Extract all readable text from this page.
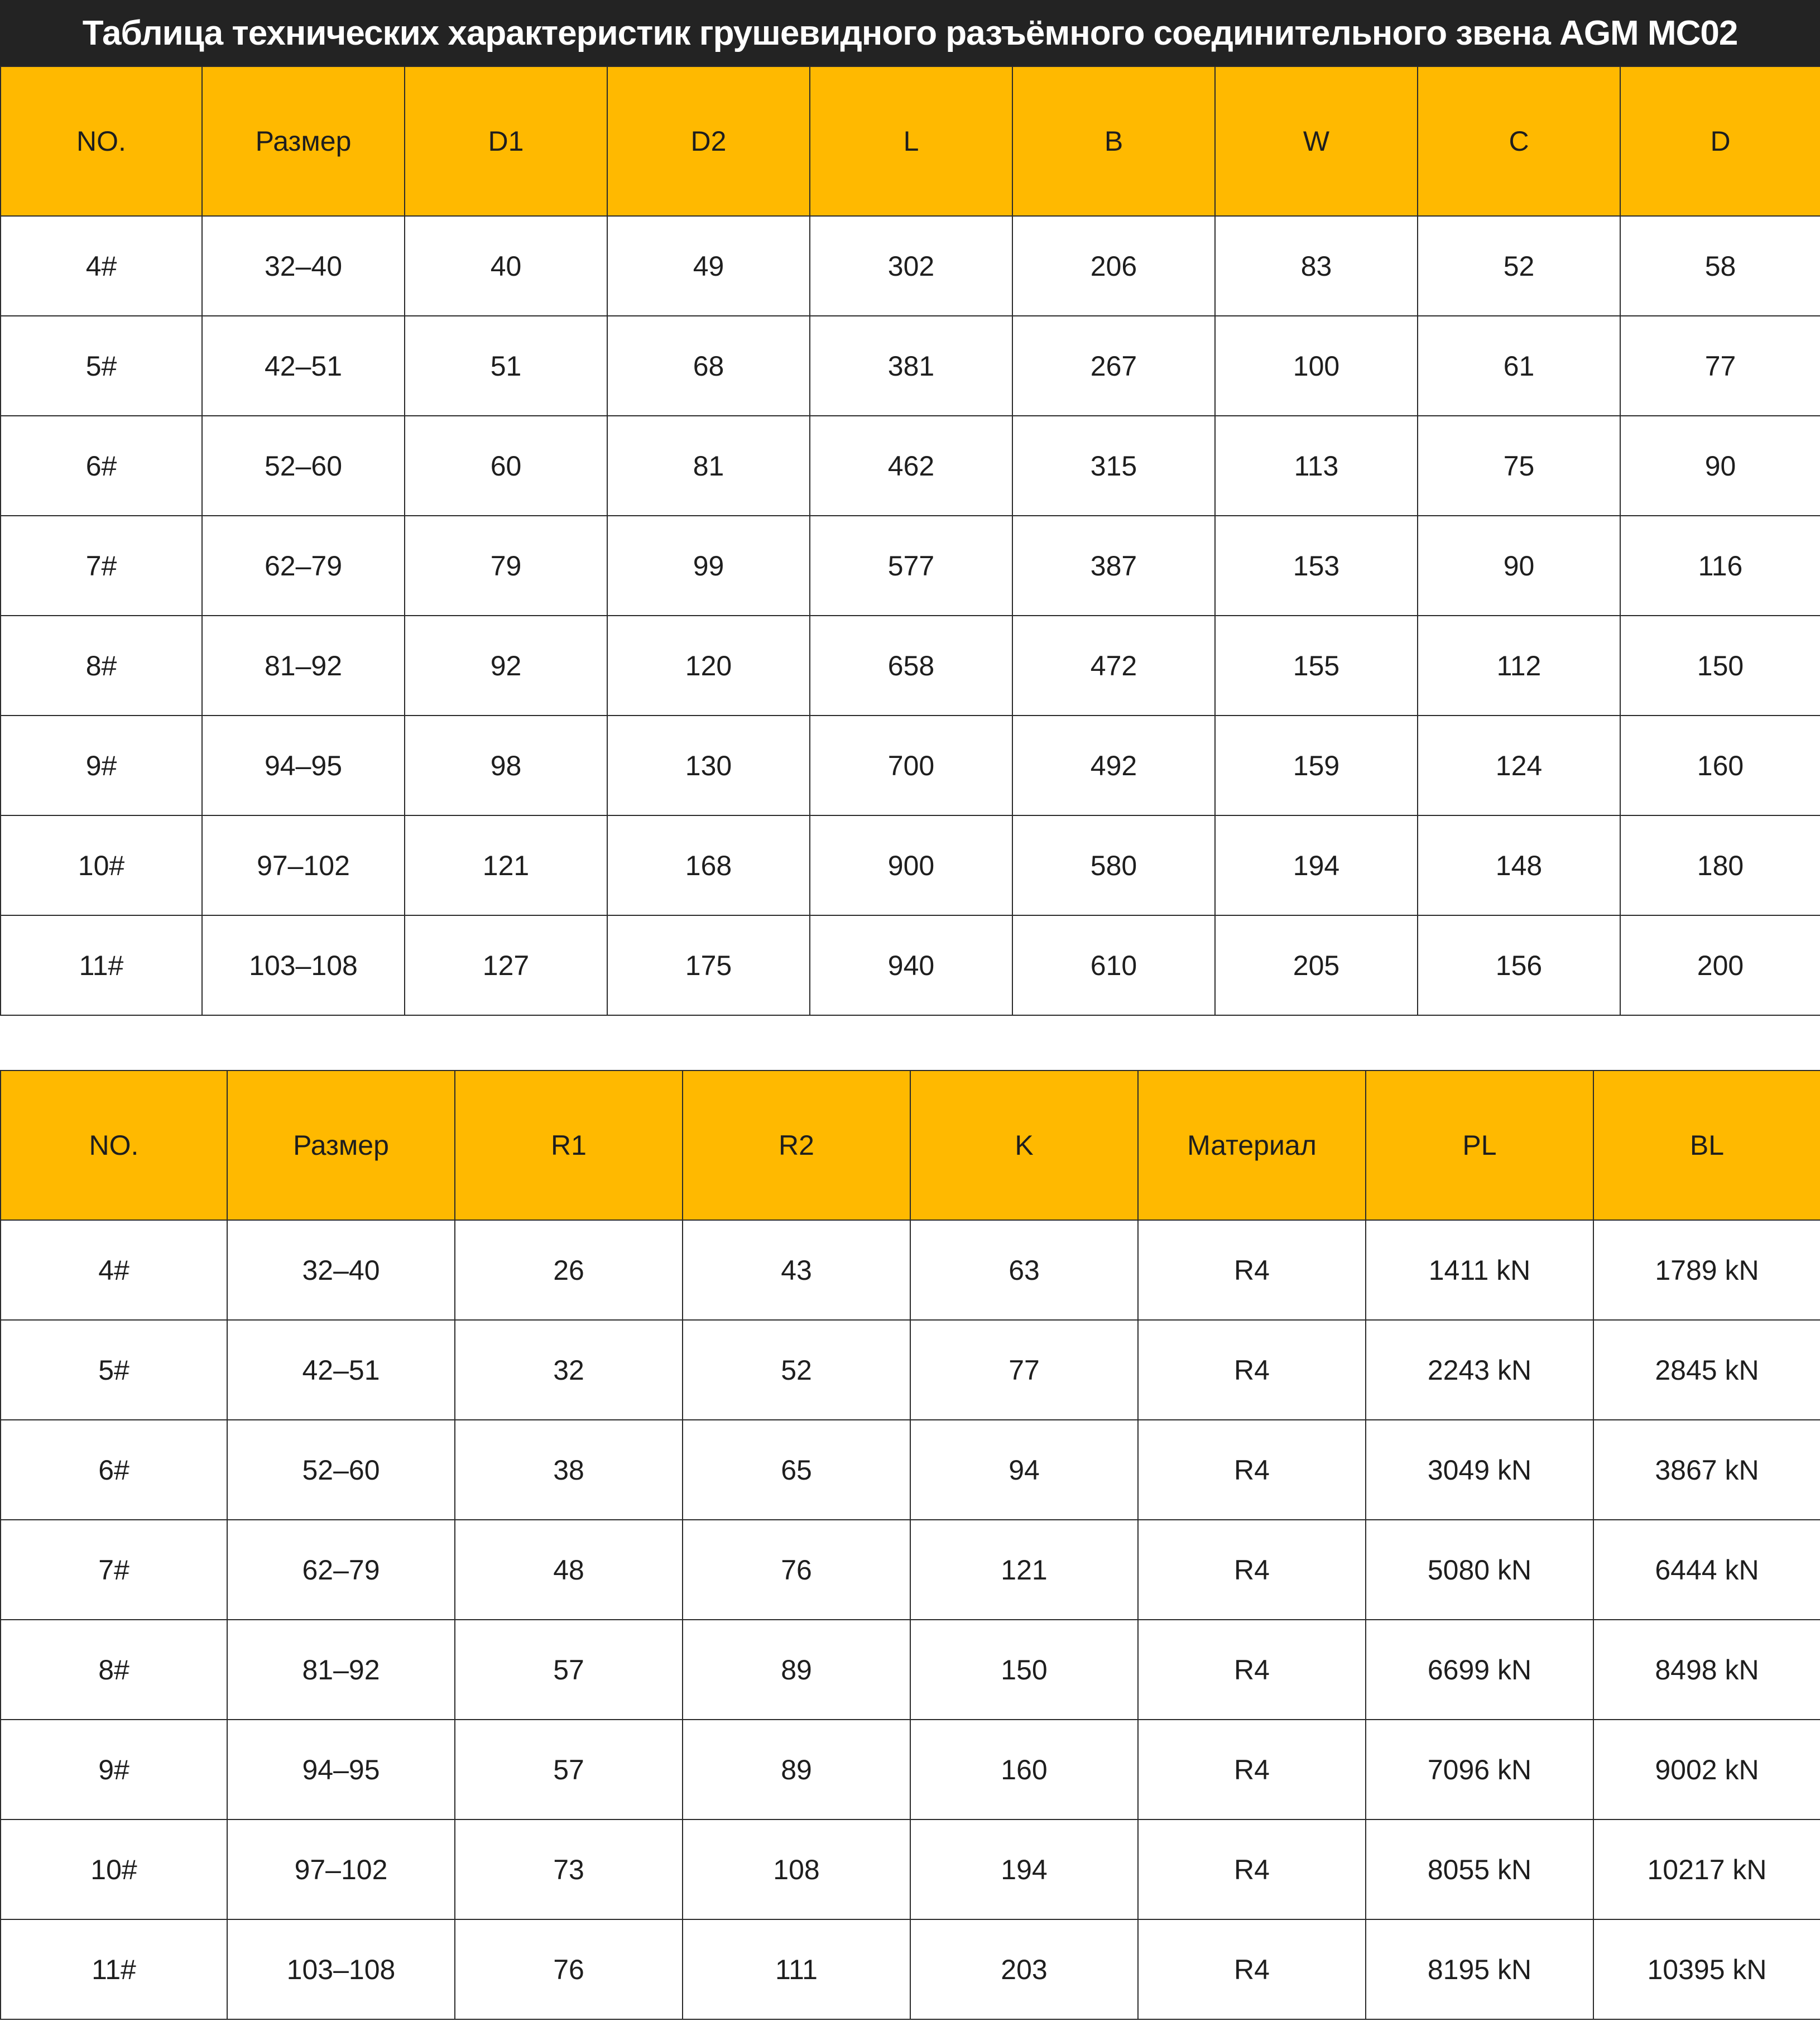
Таблица технических характеристик грушевидного разъёмного соединительного звена AGM MC02
NO.	Размер	D1	D2	L	B	W	C	D
4#	32–40	40	49	302	206	83	52	58
5#	42–51	51	68	381	267	100	61	77
6#	52–60	60	81	462	315	113	75	90
7#	62–79	79	99	577	387	153	90	116
8#	81–92	92	120	658	472	155	112	150
9#	94–95	98	130	700	492	159	124	160
10#	97–102	121	168	900	580	194	148	180
11#	103–108	127	175	940	610	205	156	200
NO.	Размер	R1	R2	K	Материал	PL	BL
4#	32–40	26	43	63	R4	1411 kN	1789 kN
5#	42–51	32	52	77	R4	2243 kN	2845 kN
6#	52–60	38	65	94	R4	3049 kN	3867 kN
7#	62–79	48	76	121	R4	5080 kN	6444 kN
8#	81–92	57	89	150	R4	6699 kN	8498 kN
9#	94–95	57	89	160	R4	7096 kN	9002 kN
10#	97–102	73	108	194	R4	8055 kN	10217 kN
11#	103–108	76	111	203	R4	8195 kN	10395 kN
